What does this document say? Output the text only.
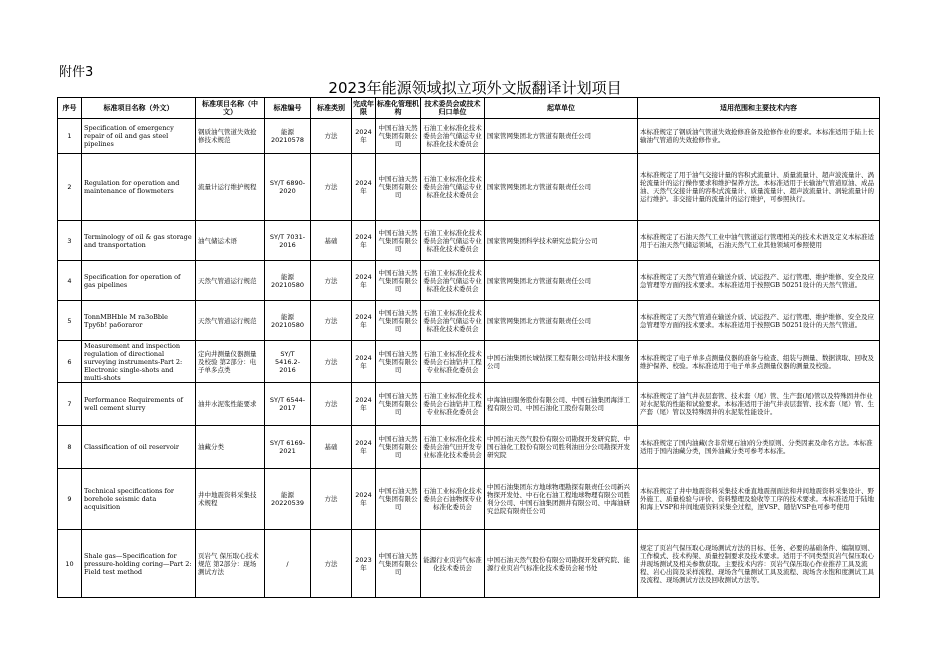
附件3
2023年能源领域拟立项外文版翻译计划项目
序号	标准项目名称（外文）	标准项目名称（中文）	标准编号	标准类别	完成年限	标准化管理机构	技术委员会或技术归口单位	起草单位	适用范围和主要技术内容
1	Specification of emergency repair of oil and gas steel pipelines	钢质油气管道失效抢修技术规范	能源 20210578	方法	2024年	中国石油天然气集团有限公司	石油工业标准化技术委员会油气储运专业标准化技术委员会	国家管网集团北方管道有限责任公司	本标准规定了钢质油气管道失效抢修准备及抢修作业的要求。本标准适用于陆上长输油气管道的失效抢修作业。
2	Regulation for operation and maintenance of flowmeters	流量计运行维护规程	SY/T 6890-2020	方法	2024年	中国石油天然气集团有限公司	石油工业标准化技术委员会油气储运专业标准化技术委员会	国家管网集团北方管道有限责任公司	本标准规定了用于油气交接计量的容积式流量计、质量流量计、超声波流量计、涡轮流量计的运行操作要求和维护保养方法。本标准适用于长输油气管道原油、成品油、天然气交接计量的容积式流量计、质量流量计、超声波流量计、涡轮流量计的运行维护。非交接计量的流量计的运行维护，可参照执行。
3	Terminology of oil & gas storage and transportation	油气储运术语	SY/T 7031-2016	基础	2024年	中国石油天然气集团有限公司	石油工业标准化技术委员会油气储运专业标准化技术委员会	国家管网集团科学技术研究总院分公司	本标准规定了石油天然气工业中油气管道运行管理相关的技术术语及定义本标准适用于石油天然气储运领域，石油天然气工业其他领域可参照使用
4	Specification for operation of gas pipelines	天然气管道运行规范	能源 20210580	方法	2024年	中国石油天然气集团有限公司	石油工业标准化技术委员会油气储运专业标准化技术委员会	国家管网集团北方管道有限责任公司	本标准规定了天然气管道在输送介质、试运投产、运行管理、维护维修、安全及应急管理等方面的技术要求。本标准适用于按照GB 50251设计的天然气管道。
5	TonnMBHble M ra3oBble Tpy6b! pa6oraror	天然气管道运行规范	能源 20210580	方法	2024年	中国石油天然气集团有限公司	石油工业标准化技术委员会油气储运专业标准化技术委员会	国家管网集团北方管道有限责任公司	本标准规定了天然气管道在输送介质、试运投产、运行管理、维护维修、安全及应急管理等方面的技术要求。本标准适用于按照GB 50251设计的天然气管道。
6	Measurement and inspection regulation of directional surveying instruments-Part 2: Electronic single-shots and multi-shots	定向井测量仪器测量及校验 第2部分：电子单多点类	SY/T 5416.2-2016	方法	2024年	中国石油天然气集团有限公司	石油工业标准化技术委员会石油钻井工程专业标准化委员会	中国石油集团长城钻探工程有限公司钻井技术服务公司	本标准规定了电子单多点测量仪器的准备与检查、组装与测量、数据读取、回收及维护保养、校验。本标准适用于电子单多点测量仪器的测量及校验。
7	Performance Requirements of well cement slurry	油井水泥浆性能要求	SY/T 6544-2017	方法	2024年	中国石油天然气集团有限公司	石油工业标准化技术委员会石油钻井工程专业标准化委员会	中海油田服务股份有限公司、中国石油集团海洋工程有限公司、中国石油化工股份有限公司	本标准规定了油气井表层套管、技术套（尾）管、生产套(尾)管以及特殊固井作业对水泥浆的性能和试验要求。本标准适用于油气井表层套管、技术套（尾）管、生产套（尾）管以及特殊固井的水泥浆性能设计。
8	Classification of oil reservoir	油藏分类	SY/T 6169-2021	基础	2024年	中国石油天然气集团有限公司	石油工业标准化技术委员会油气田开发专业标准化技术委员会	中国石油天然气股份有限公司勘探开发研究院、中国石油化工股份有限公司胜利油田分公司勘探开发研究院	本标准规定了国内油藏(含非常规石油)的分类原则、分类因素及命名方法。本标准适用于国内油藏分类，国外油藏分类可参考本标准。
9	Technical specifications for borehole seismic data acquisition	井中地震资料采集技术规程	能源 20220539	方法	2024年	中国石油天然气集团有限公司	石油工业标准化技术委员会石油物探专业标准化委员会	中国石油集团东方地球物理勘探有限责任公司新兴物探开发处、中石化石油工程地球物理有限公司胜利分公司、中国石油集团测井有限公司、中海油研究总院有限责任公司	本标准规定了井中地震资料采集技术垂直地震剖面法和井间地震资料采集设计、野外施工、质量检验与评价、资料整理及验收等工序的技术要求。本标准适用于陆地和海上VSP和井间地震资料采集全过程，逆VSP、随钻VSP也可参考使用
10	Shale gas—Specification for pressure-holding coring—Part 2: Field test method	页岩气 保压取心技术规范 第2部分：现场测试方法	/	方法	2023年	中国石油天然气集团有限公司	能源行业页岩气标准化技术委员会	中国石油天然气股份有限公司勘探开发研究院、能源行业页岩气标准化技术委员会秘书处	规定了页岩气保压取心现场测试方法的目标、任务、必要的基础条件、编制原则、工作模式、技术构架、质量控制要求及技术要求。适用于不同类型页岩气保压取心井现场测试及相关参数获取。主要技术内容：页岩气保压取心作业推荐工具及流程、岩心出筒及采样流程、现场含气量测试工具及流程、现场含水饱和度测试工具及流程、现场测试方法及回收测试方法等。
